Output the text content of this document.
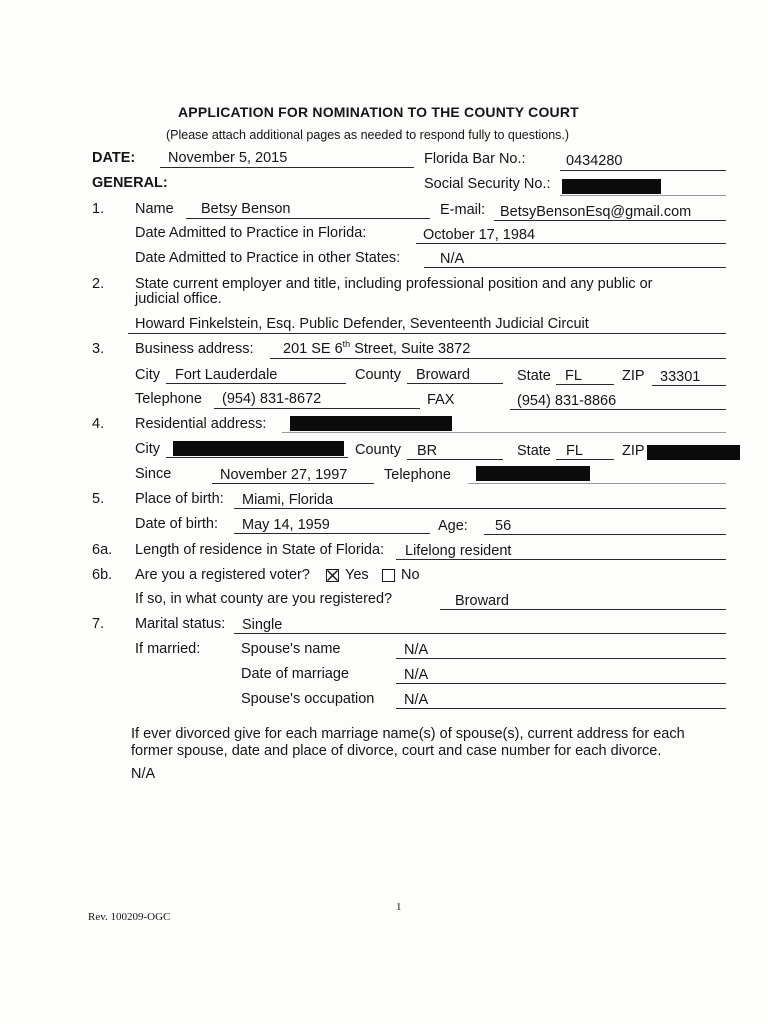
APPLICATION FOR NOMINATION TO THE COUNTY COURT
(Please attach additional pages as needed to respond fully to questions.)
DATE: November 5, 2015	Florida Bar No.:	0434280
GENERAL:	Social Security No.:
1. Name Betsy Benson	E-mail: BetsyBensonEsq@gmail.com
Date Admitted to Practice in Florida:	October 17, 1984
Date Admitted to Practice in other States:	N/A
2. State current employer and title, including professional position and any public or
judicial office.
Howard Finkelstein, Esq. Public Defender, Seventeenth Judicial Circuit
3. Business address: 201 SE 6th Street, Suite 3872
City Fort Lauderdale	County Broward	State FL	ZIP 33301
Telephone (954) 831-8672	FAX	(954) 831-8866
4. Residential address:
City	County BR	State FL	ZIP
Since	November 27, 1997	Telephone
5. Place of birth: Miami, Florida
Date of birth: May 14, 1959	Age: 56
6a. Length of residence in State of Florida: Lifelong resident
6b. Are you a registered voter? Yes No
If so, in what county are you registered?	Broward
7. Marital status: Single
If married:	Spouse's name	N/A
Date of marriage	N/A
Spouse's occupation N/A
If ever divorced give for each marriage name(s) of spouse(s), current address for each
former spouse, date and place of divorce, court and case number for each divorce.
N/A
1
Rev. 100209-OGC
